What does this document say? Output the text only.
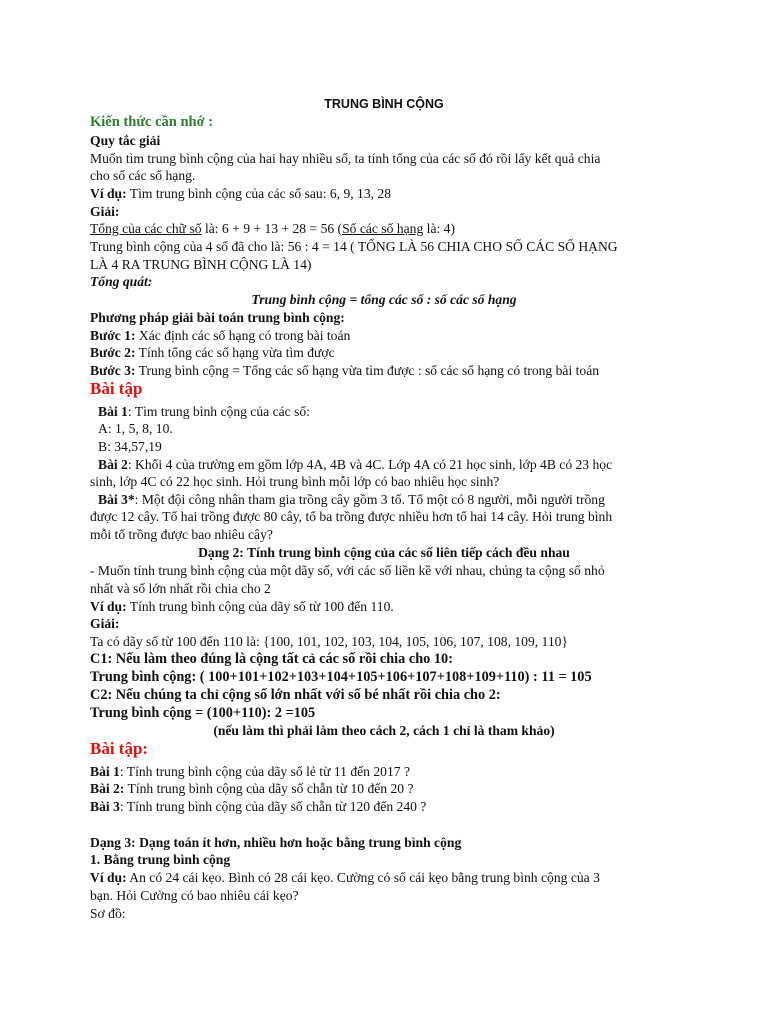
TRUNG BÌNH CỘNG
Kiến thức cần nhớ :
Quy tắc giải
Muốn tìm trung bình cộng của hai hay nhiều số, ta tính tổng của các số đó rồi lấy kết quả chia
cho số các số hạng.
Ví dụ: Tìm trung bình cộng của các số sau: 6, 9, 13, 28
Giải:
Tổng của các chữ số là: 6 + 9 + 13 + 28 = 56 (Số các số hạng là: 4)
Trung bình cộng của 4 số đã cho là: 56 : 4 = 14 ( TỔNG LÀ 56 CHIA CHO SỐ CÁC SỐ HẠNG
LÀ 4 RA TRUNG BÌNH CỘNG LÀ 14)
Tổng quát:
Trung bình cộng = tổng các số : số các số hạng
Phương pháp giải bài toán trung bình cộng:
Bước 1: Xác định các số hạng có trong bài toán
Bước 2: Tính tổng các số hạng vừa tìm được
Bước 3: Trung bình cộng = Tổng các số hạng vừa tìm được : số các số hạng có trong bài toán
Bài tập
Bài 1: Tìm trung bình cộng của các số:
A: 1, 5, 8, 10.
B: 34,57,19
Bài 2: Khối 4 của trường em gồm lớp 4A, 4B và 4C. Lớp 4A có 21 học sinh, lớp 4B có 23 học
sinh, lớp 4C có 22 học sinh. Hỏi trung bình mỗi lớp có bao nhiêu học sinh?
Bài 3*: Một đội công nhân tham gia trồng cây gồm 3 tổ. Tổ một có 8 người, mỗi người trồng
được 12 cây. Tổ hai trồng được 80 cây, tổ ba trồng được nhiều hơn tổ hai 14 cây. Hỏi trung bình
mỗi tổ trồng được bao nhiêu cây?
Dạng 2: Tính trung bình cộng của các số liên tiếp cách đều nhau
- Muốn tính trung bình cộng của một dãy số, với các số liền kề với nhau, chúng ta cộng số nhỏ
nhất và số lớn nhất rồi chia cho 2
Ví dụ: Tính trung bình cộng của dãy số từ 100 đến 110.
Giải:
Ta có dãy số từ 100 đến 110 là: {100, 101, 102, 103, 104, 105, 106, 107, 108, 109, 110}
C1: Nếu làm theo đúng là cộng tất cả các số rồi chia cho 10:
Trung bình cộng: ( 100+101+102+103+104+105+106+107+108+109+110) : 11 = 105
C2: Nếu chúng ta chỉ cộng số lớn nhất với số bé nhất rồi chia cho 2:
Trung bình cộng = (100+110): 2 =105
(nếu làm thì phải làm theo cách 2, cách 1 chỉ là tham khảo)
Bài tập:
Bài 1: Tính trung bình cộng của dãy số lẻ từ 11 đến 2017 ?
Bài 2: Tính trung bình cộng của dãy số chẵn từ 10 đến 20 ?
Bài 3: Tính trung bình cộng của dãy số chẵn từ 120 đến 240 ?
Dạng 3: Dạng toán ít hơn, nhiều hơn hoặc bằng trung bình cộng
1. Bằng trung bình cộng
Ví dụ: An có 24 cái kẹo. Bình có 28 cái kẹo. Cường có số cái kẹo bằng trung bình cộng của 3
bạn. Hỏi Cường có bao nhiêu cái kẹo?
Sơ đồ:
